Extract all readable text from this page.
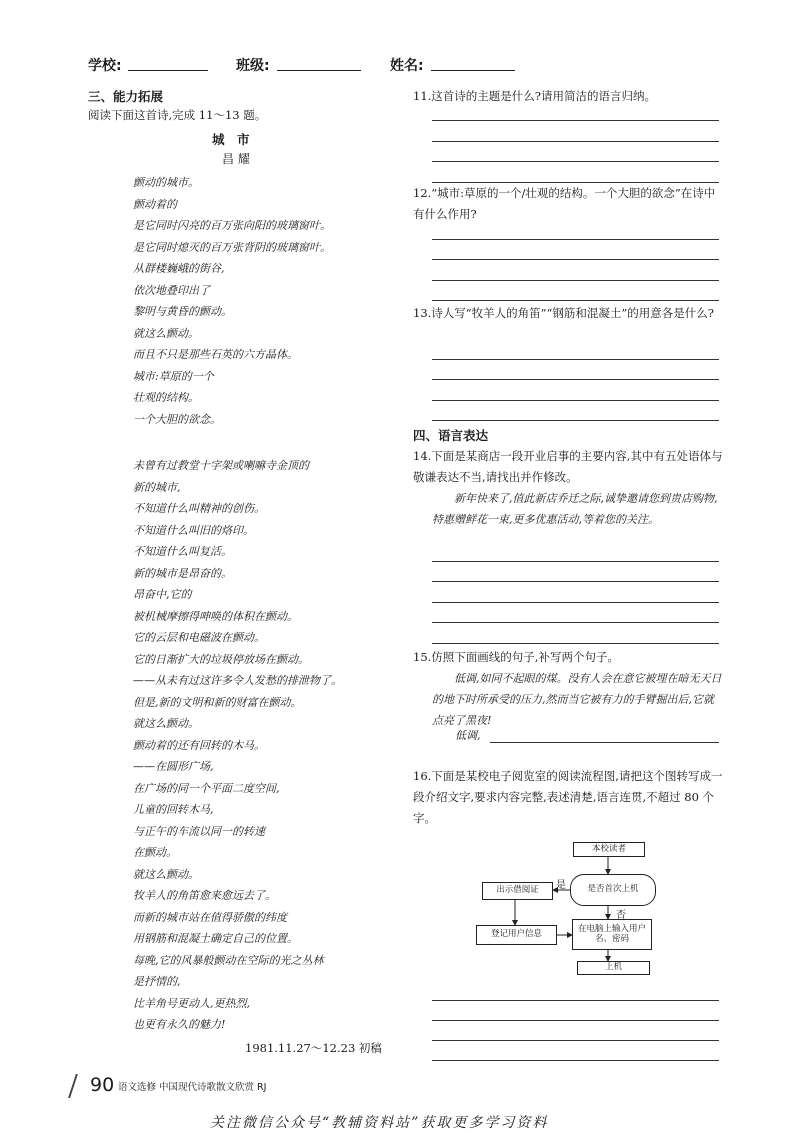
学校:	班级:	姓名:
三、能力拓展
阅读下面这首诗,完成 11～13 题。
城　市
昌 耀
颤动的城市。
颤动着的
是它同时闪亮的百万张向阳的玻璃窗叶。
是它同时熄灭的百万张背阴的玻璃窗叶。
从群楼巍峨的街谷,
依次地叠印出了
黎明与黄昏的颤动。
就这么颤动。
而且不只是那些石英的六方晶体。
城市:草原的一个
壮观的结构。
一个大胆的欲念。
未曾有过教堂十字架或喇嘛寺金顶的
新的城市,
不知道什么叫精神的创伤。
不知道什么叫旧的烙印。
不知道什么叫复活。
新的城市是昂奋的。
昂奋中,它的
被机械摩擦得呻唤的体积在颤动。
它的云层和电磁波在颤动。
它的日渐扩大的垃圾停放场在颤动。
——从未有过这许多令人发愁的排泄物了。
但是,新的文明和新的财富在颤动。
就这么颤动。
颤动着的还有回转的木马。
——在圆形广场,
在广场的同一个平面二度空间,
儿童的回转木马,
与正午的车流以同一的转速
在颤动。
就这么颤动。
牧羊人的角笛愈来愈远去了。
而新的城市站在值得骄傲的纬度
用钢筋和混凝土确定自己的位置。
每晚,它的风暴般颤动在空际的光之丛林
是抒情的,
比羊角号更动人,更热烈,
也更有永久的魅力!
1981.11.27～12.23 初稿
11.这首诗的主题是什么?请用简洁的语言归纳。
12.“城市:草原的一个/壮观的结构。一个大胆的欲念”在诗中有什么作用?
13.诗人写“牧羊人的角笛”“钢筋和混凝土”的用意各是什么?
四、语言表达
14.下面是某商店一段开业启事的主要内容,其中有五处语体与敬谦表达不当,请找出并作修改。
新年快来了,值此新店乔迁之际,诚挚邀请您到贵店购物,特惠赠鲜花一束,更多优惠活动,等着您的关注。
15.仿照下面画线的句子,补写两个句子。
低调,如同不起眼的煤。没有人会在意它被埋在暗无天日的地下时所承受的压力,然而当它被有力的手臂掘出后,它就点亮了黑夜!
低调,
16.下面是某校电子阅览室的阅读流程图,请把这个图转写成一段介绍文字,要求内容完整,表述清楚,语言连贯,不超过 80 个字。
本校读者
是否首次上机
出示借阅证
登记用户信息
在电脑上输入用户名、密码
上机
是
否
90 语文选修 中国现代诗歌散文欣赏 RJ
关注微信公众号“教辅资料站”获取更多学习资料
